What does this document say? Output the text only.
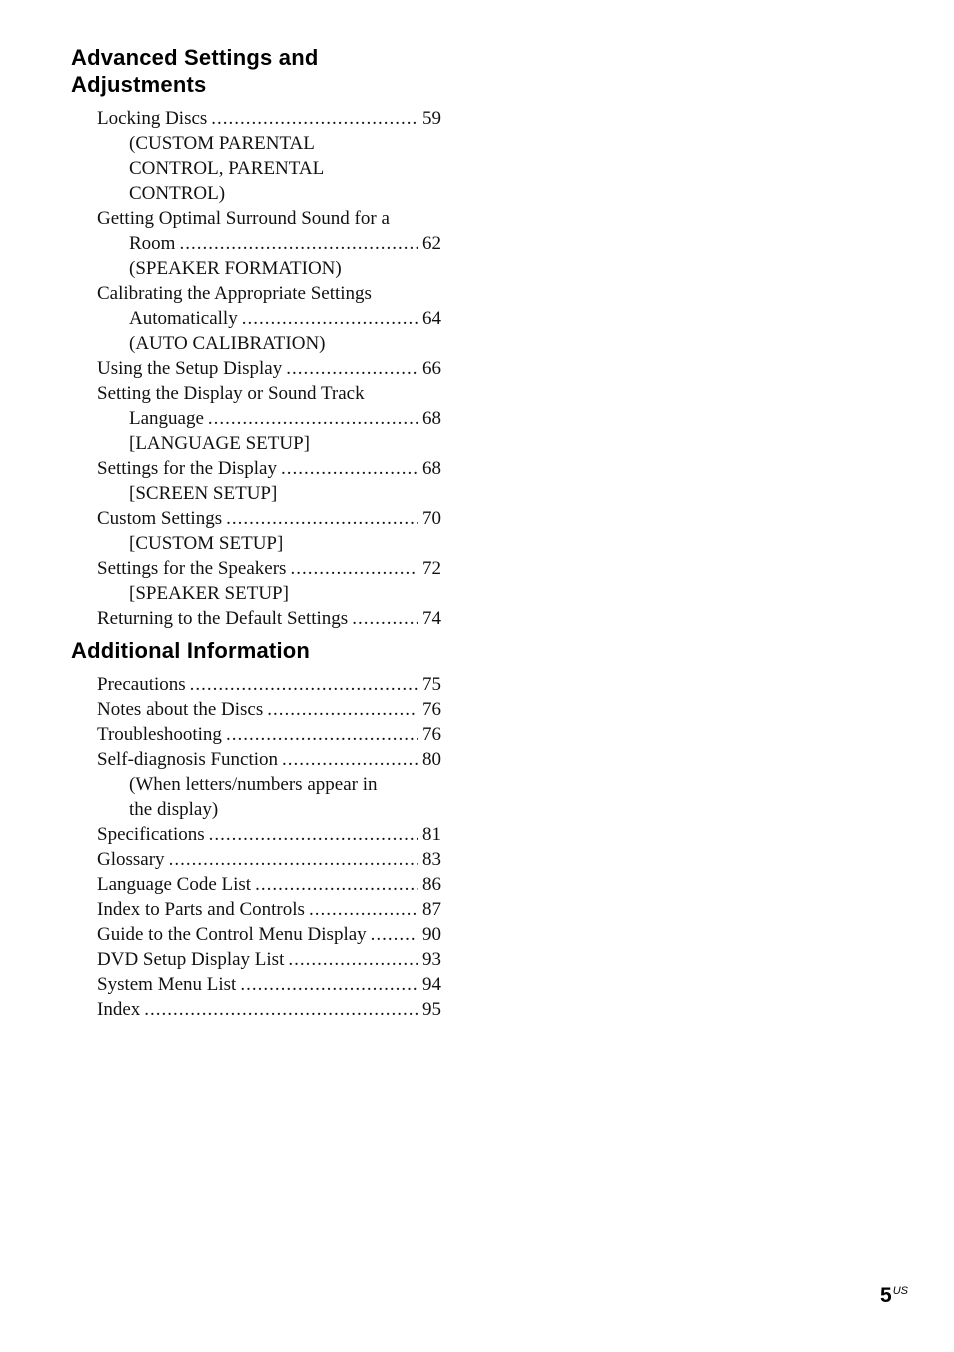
Advanced Settings and
Adjustments
Locking Discs .....	59
(CUSTOM PARENTAL
CONTROL, PARENTAL
CONTROL)
Getting Optimal Surround Sound for a
Room .....	62
(SPEAKER FORMATION)
Calibrating the Appropriate Settings
Automatically .....	64
(AUTO CALIBRATION)
Using the Setup Display .....	66
Setting the Display or Sound Track
Language .....	68
[LANGUAGE SETUP]
Settings for the Display .....	68
[SCREEN SETUP]
Custom Settings .....	70
[CUSTOM SETUP]
Settings for the Speakers .....	72
[SPEAKER SETUP]
Returning to the Default Settings .....	74
Additional Information
Precautions .....	75
Notes about the Discs .....	76
Troubleshooting .....	76
Self-diagnosis Function .....	80
(When letters/numbers appear in
the display)
Specifications .....	81
Glossary .....	83
Language Code List .....	86
Index to Parts and Controls .....	87
Guide to the Control Menu Display .....	90
DVD Setup Display List .....	93
System Menu List .....	94
Index .....	95
$5^{US}$
